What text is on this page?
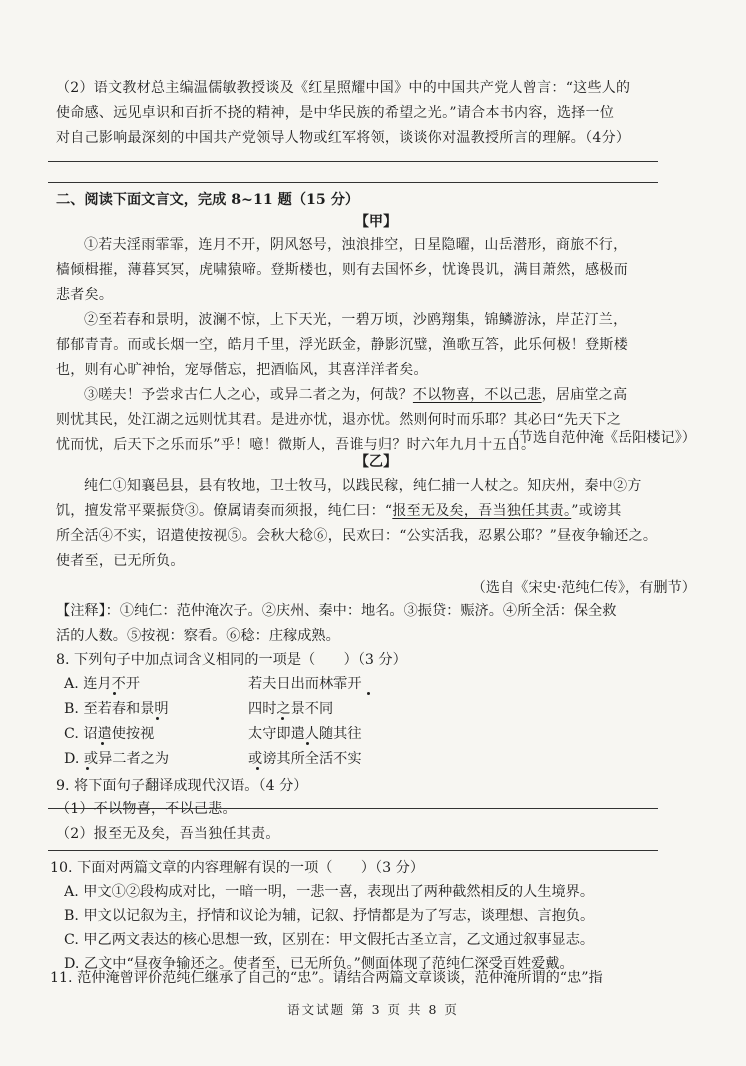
（2）语文教材总主编温儒敏教授谈及《红星照耀中国》中的中国共产党人曾言：“这些人的
使命感、远见卓识和百折不挠的精神，是中华民族的希望之光。”请合本书内容，选择一位
对自己影响最深刻的中国共产党领导人物或红军将领，谈谈你对温教授所言的理解。（4分）
二、阅读下面文言文，完成 8~11 题（15 分）
【甲】
①若夫淫雨霏霏，连月不开，阴风怒号，浊浪排空，日星隐曜，山岳潜形，商旅不行，
樯倾楫摧，薄暮冥冥，虎啸猿啼。登斯楼也，则有去国怀乡，忧谗畏讥，满目萧然，感极而
悲者矣。
②至若春和景明，波澜不惊，上下天光，一碧万顷，沙鸥翔集，锦鳞游泳，岸芷汀兰，
郁郁青青。而或长烟一空，皓月千里，浮光跃金，静影沉璧，渔歌互答，此乐何极！登斯楼
也，则有心旷神怡，宠辱偕忘，把酒临风，其喜洋洋者矣。
③嗟夫！予尝求古仁人之心，或异二者之为，何哉？不以物喜，不以己悲，居庙堂之高
则忧其民，处江湖之远则忧其君。是进亦忧，退亦忧。然则何时而乐耶？其必曰“先天下之
忧而忧，后天下之乐而乐”乎！噫！微斯人，吾谁与归？时六年九月十五日。
（节选自范仲淹《岳阳楼记》）
【乙】
纯仁①知襄邑县，县有牧地，卫士牧马，以践民稼，纯仁捕一人杖之。知庆州，秦中②方
饥，擅发常平粟振贷③。僚属请奏而须报，纯仁曰：“报至无及矣，吾当独任其责。”或谤其
所全活④不实，诏遣使按视⑤。会秋大稔⑥，民欢曰：“公实活我，忍累公耶？”昼夜争输还之。
使者至，已无所负。
（选自《宋史·范纯仁传》，有删节）
【注释】：①纯仁：范仲淹次子。②庆州、秦中：地名。③振贷：赈济。④所全活：保全救
活的人数。⑤按视：察看。⑥稔：庄稼成熟。
8. 下列句子中加点词含义相同的一项是（　　）（3 分）
A. 连月不开	若夫日出而林霏开
B. 至若春和景明	四时之景不同
C. 诏遣使按视	太守即遣人随其往
D. 或异二者之为	或谤其所全活不实
9. 将下面句子翻译成现代汉语。（4 分）
（1）不以物喜，不以己悲。
（2）报至无及矣，吾当独任其责。
10. 下面对两篇文章的内容理解有误的一项（　　）（3 分）
A. 甲文①②段构成对比，一暗一明，一悲一喜，表现出了两种截然相反的人生境界。
B. 甲文以记叙为主，抒情和议论为辅，记叙、抒情都是为了写志，谈理想、言抱负。
C. 甲乙两文表达的核心思想一致，区别在：甲文假托古圣立言，乙文通过叙事显志。
D. 乙文中“昼夜争输还之。使者至，已无所负。”侧面体现了范纯仁深受百姓爱戴。
11. 范仲淹曾评价范纯仁继承了自己的“忠”。请结合两篇文章谈谈，范仲淹所谓的“忠”指
语文试题 第 3 页 共 8 页
